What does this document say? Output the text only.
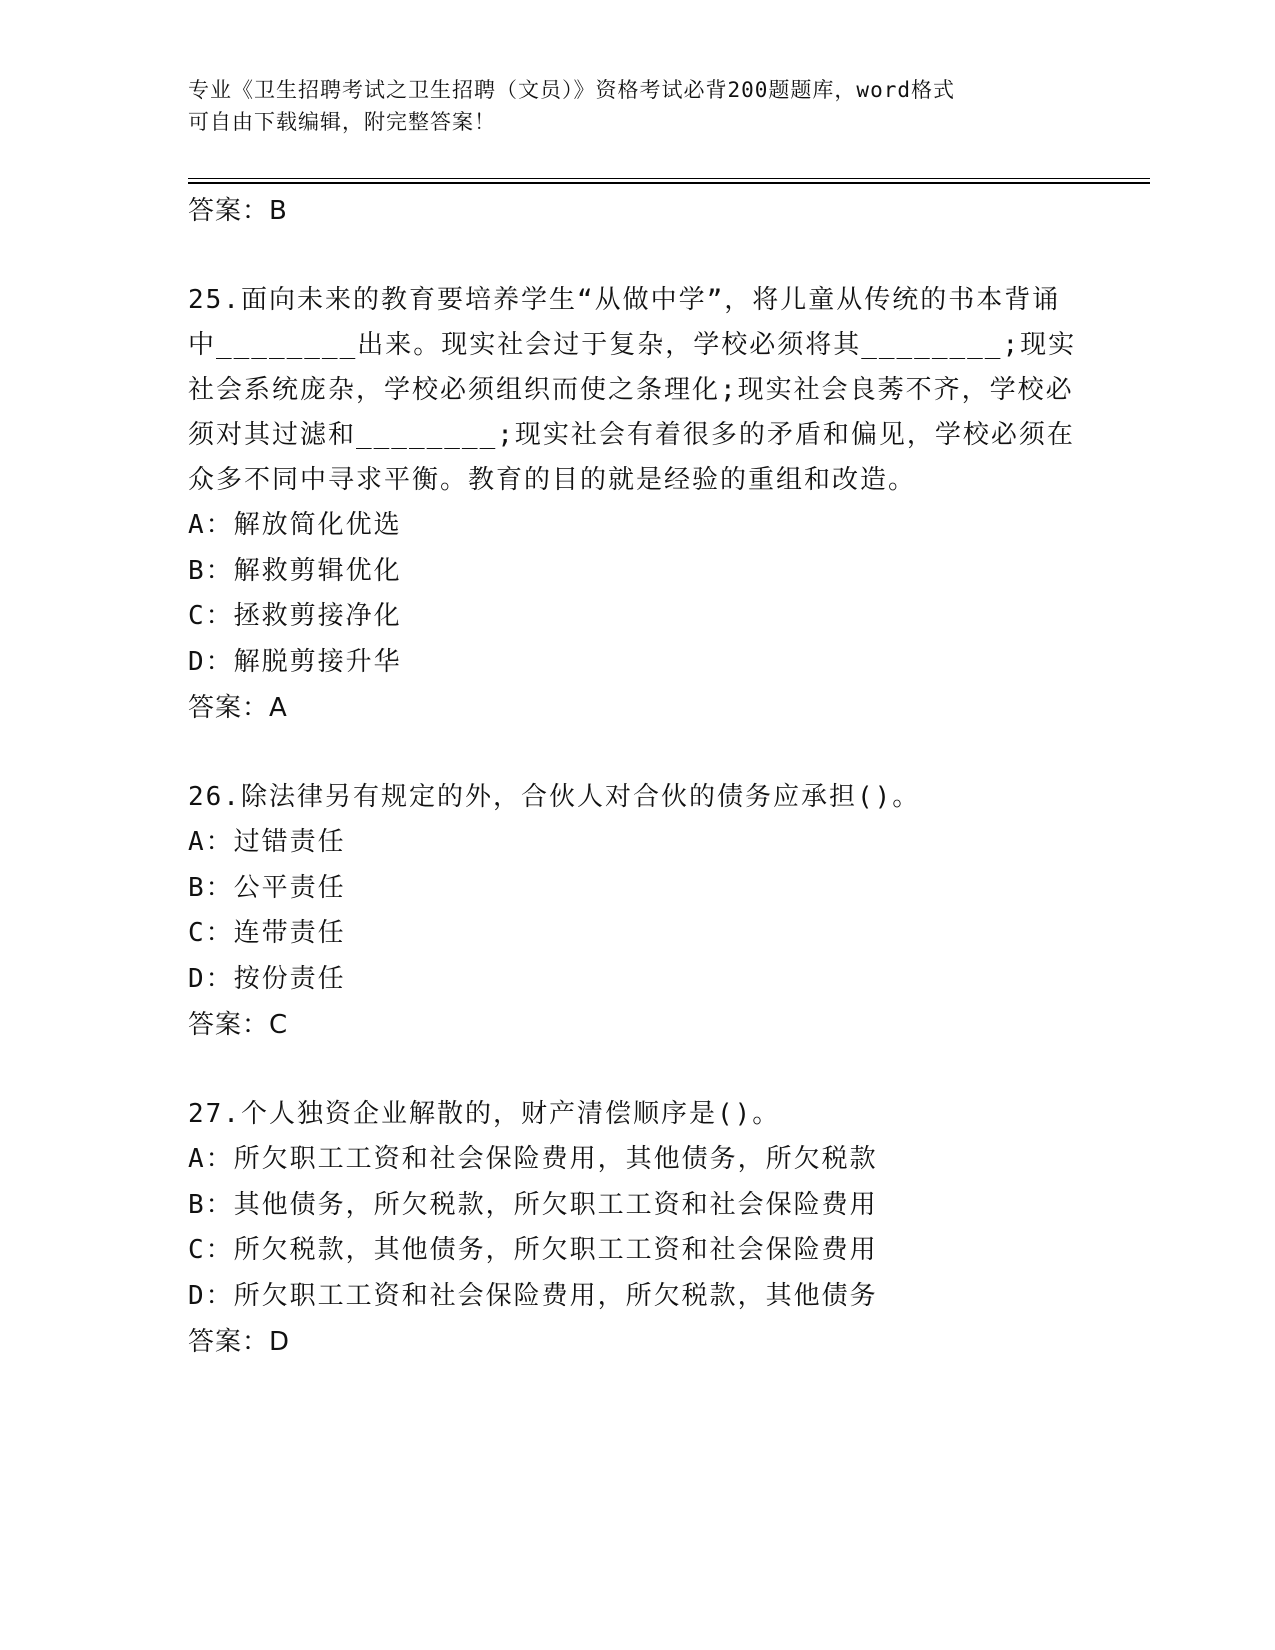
专业《卫生招聘考试之卫生招聘（文员）》资格考试必背200题题库，word格式
可自由下载编辑，附完整答案！
答案：B
25.面向未来的教育要培养学生“从做中学”，将儿童从传统的书本背诵中________出来。现实社会过于复杂，学校必须将其________;现实社会系统庞杂，学校必须组织而使之条理化;现实社会良莠不齐，学校必须对其过滤和________;现实社会有着很多的矛盾和偏见，学校必须在众多不同中寻求平衡。教育的目的就是经验的重组和改造。
A：解放简化优选
B：解救剪辑优化
C：拯救剪接净化
D：解脱剪接升华
答案：A
26.除法律另有规定的外，合伙人对合伙的债务应承担()。
A：过错责任
B：公平责任
C：连带责任
D：按份责任
答案：C
27.个人独资企业解散的，财产清偿顺序是()。
A：所欠职工工资和社会保险费用，其他债务，所欠税款
B：其他债务，所欠税款，所欠职工工资和社会保险费用
C：所欠税款，其他债务，所欠职工工资和社会保险费用
D：所欠职工工资和社会保险费用，所欠税款，其他债务
答案：D
